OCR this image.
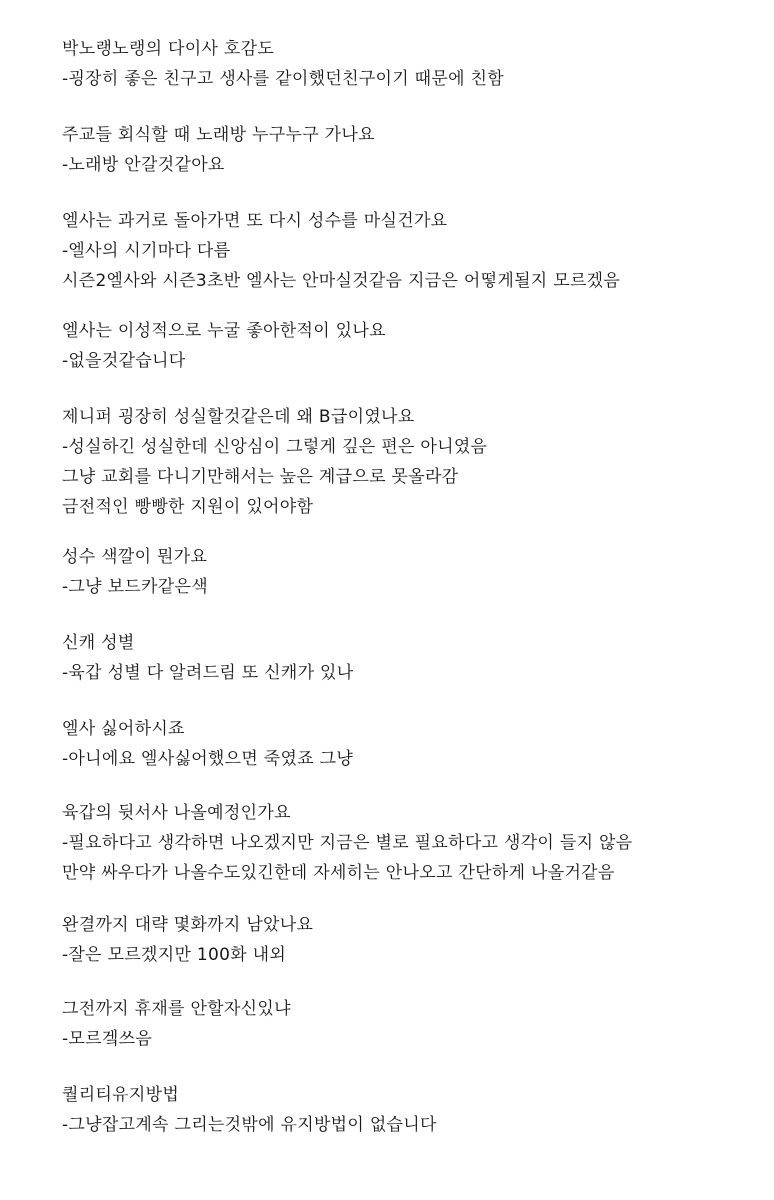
박노랭노랭의 다이사 호감도
-굉장히 좋은 친구고 생사를 같이했던친구이기 때문에 친함
주교들 회식할 때 노래방 누구누구 가나요
-노래방 안갈것같아요
엘사는 과거로 돌아가면 또 다시 성수를 마실건가요
-엘사의 시기마다 다름
시즌2엘사와 시즌3초반 엘사는 안마실것같음 지금은 어떻게될지 모르겠음
엘사는 이성적으로 누굴 좋아한적이 있나요
-없을것같습니다
제니퍼 굉장히 성실할것같은데 왜 B급이였나요
-성실하긴 성실한데 신앙심이 그렇게 깊은 편은 아니였음
그냥 교회를 다니기만해서는 높은 계급으로 못올라감
금전적인 빵빵한 지원이 있어야함
성수 색깔이 뭔가요
-그냥 보드카같은색
신캐 성별
-육갑 성별 다 알려드림 또 신캐가 있나
엘사 싫어하시죠
-아니에요 엘사싫어했으면 죽였죠 그냥
육갑의 뒷서사 나올예정인가요
-필요하다고 생각하면 나오겠지만 지금은 별로 필요하다고 생각이 들지 않음
만약 싸우다가 나올수도있긴한데 자세히는 안나오고 간단하게 나올거같음
완결까지 대략 몇화까지 남았나요
-잘은 모르겠지만 100화 내외
그전까지 휴재를 안할자신있냐
-모르겤쓰음
퀄리티유지방법
-그냥잡고계속 그리는것밖에 유지방법이 없습니다
